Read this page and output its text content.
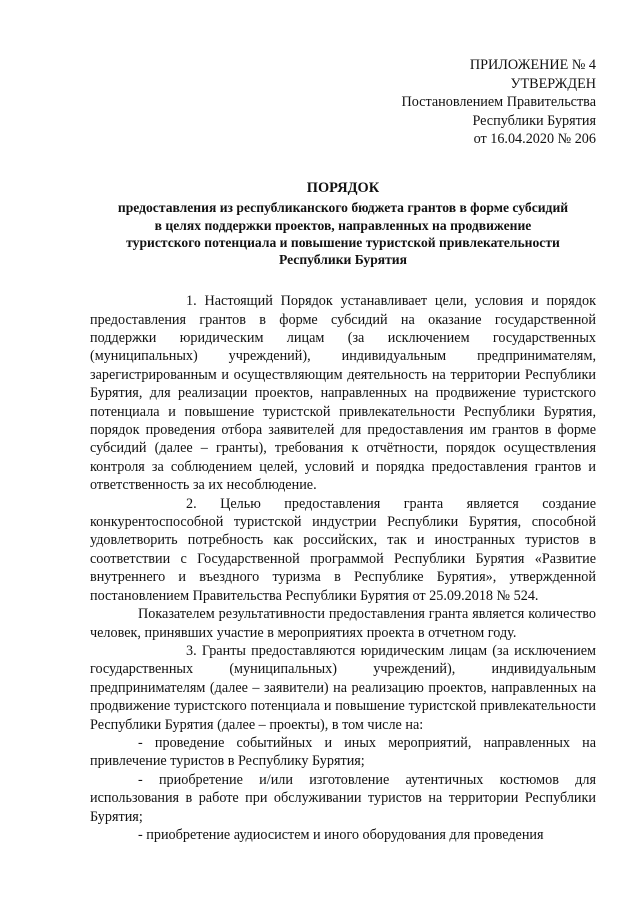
ПРИЛОЖЕНИЕ № 4
УТВЕРЖДЕН
Постановлением Правительства
Республики Бурятия
от 16.04.2020 № 206
ПОРЯДОК
предоставления из республиканского бюджета грантов в форме субсидий
в целях поддержки проектов, направленных на продвижение
туристского потенциала и повышение туристской привлекательности
Республики Бурятия

1. Настоящий Порядок устанавливает цели, условия и порядок предоставления грантов в форме субсидий на оказание государственной поддержки юридическим лицам (за исключением государственных (муниципальных) учреждений), индивидуальным предпринимателям, зарегистрированным и осуществляющим деятельность на территории Республики Бурятия, для реализации проектов, направленных на продвижение туристского потенциала и повышение туристской привлекательности Республики Бурятия, порядок проведения отбора заявителей для предоставления им грантов в форме субсидий (далее – гранты), требования к отчётности, порядок осуществления контроля за соблюдением целей, условий и порядка предоставления грантов и ответственность за их несоблюдение.

2. Целью предоставления гранта является создание конкурентоспособной туристской индустрии Республики Бурятия, способной удовлетворить потребность как российских, так и иностранных туристов в соответствии с Государственной программой Республики Бурятия «Развитие внутреннего и въездного туризма в Республике Бурятия», утвержденной постановлением Правительства Республики Бурятия от 25.09.2018 № 524.

Показателем результативности предоставления гранта является количество человек, принявших участие в мероприятиях проекта в отчетном году.

3. Гранты предоставляются юридическим лицам (за исключением государственных (муниципальных) учреждений), индивидуальным предпринимателям (далее – заявители) на реализацию проектов, направленных на продвижение туристского потенциала и повышение туристской привлекательности Республики Бурятия (далее – проекты), в том числе на:

- проведение событийных и иных мероприятий, направленных на привлечение туристов в Республику Бурятия;

- приобретение и/или изготовление аутентичных костюмов для использования в работе при обслуживании туристов на территории Республики Бурятия;

- приобретение аудиосистем и иного оборудования для проведения
